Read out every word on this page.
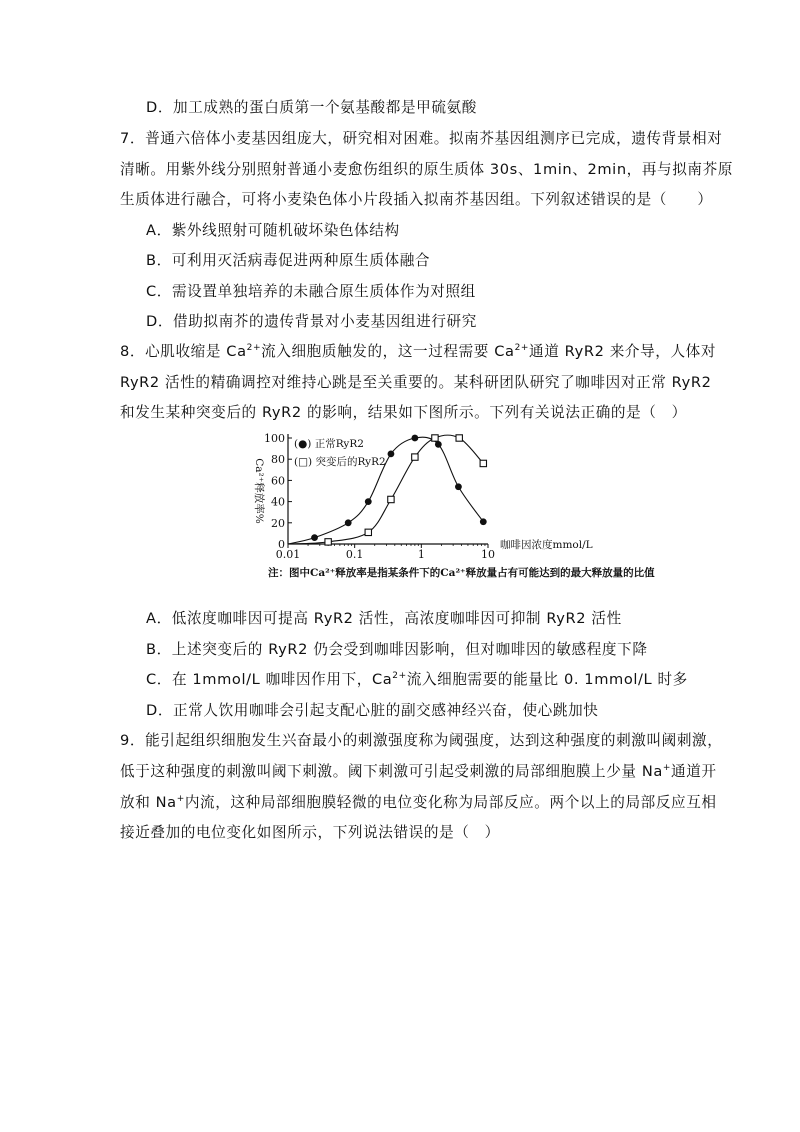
D．加工成熟的蛋白质第一个氨基酸都是甲硫氨酸
7．普通六倍体小麦基因组庞大，研究相对困难。拟南芥基因组测序已完成，遗传背景相对
清晰。用紫外线分别照射普通小麦愈伤组织的原生质体 30s、1min、2min，再与拟南芥原
生质体进行融合，可将小麦染色体小片段插入拟南芥基因组。下列叙述错误的是（　　）
A．紫外线照射可随机破坏染色体结构
B．可利用灭活病毒促进两种原生质体融合
C．需设置单独培养的未融合原生质体作为对照组
D．借助拟南芥的遗传背景对小麦基因组进行研究
8．心肌收缩是 $Ca^{2+}$流入细胞质触发的，这一过程需要 $Ca^{2+}$通道 RyR2 来介导，人体对
RyR2 活性的精确调控对维持心跳是至关重要的。某科研团队研究了咖啡因对正常 RyR2
和发生某种突变后的 RyR2 的影响，结果如下图所示。下列有关说法正确的是（　）
0.01	0.1	1	10
0
20
40
60
80
100
Ca²⁺释放率%
咖啡因浓度mmol/L
(●) 正常RyR2
(□) 突变后的RyR2
注：图中Ca²⁺释放率是指某条件下的Ca²⁺释放量占有可能达到的最大释放量的比值
A．低浓度咖啡因可提高 RyR2 活性，高浓度咖啡因可抑制 RyR2 活性
B．上述突变后的 RyR2 仍会受到咖啡因影响，但对咖啡因的敏感程度下降
C．在 1mmol/L 咖啡因作用下，$Ca^{2+}$流入细胞需要的能量比 0. 1mmol/L 时多
D．正常人饮用咖啡会引起支配心脏的副交感神经兴奋，使心跳加快
9．能引起组织细胞发生兴奋最小的刺激强度称为阈强度，达到这种强度的刺激叫阈刺激，
低于这种强度的刺激叫阈下刺激。阈下刺激可引起受刺激的局部细胞膜上少量 Na+通道开
放和 Na+内流，这种局部细胞膜轻微的电位变化称为局部反应。两个以上的局部反应互相
接近叠加的电位变化如图所示，下列说法错误的是（　）
